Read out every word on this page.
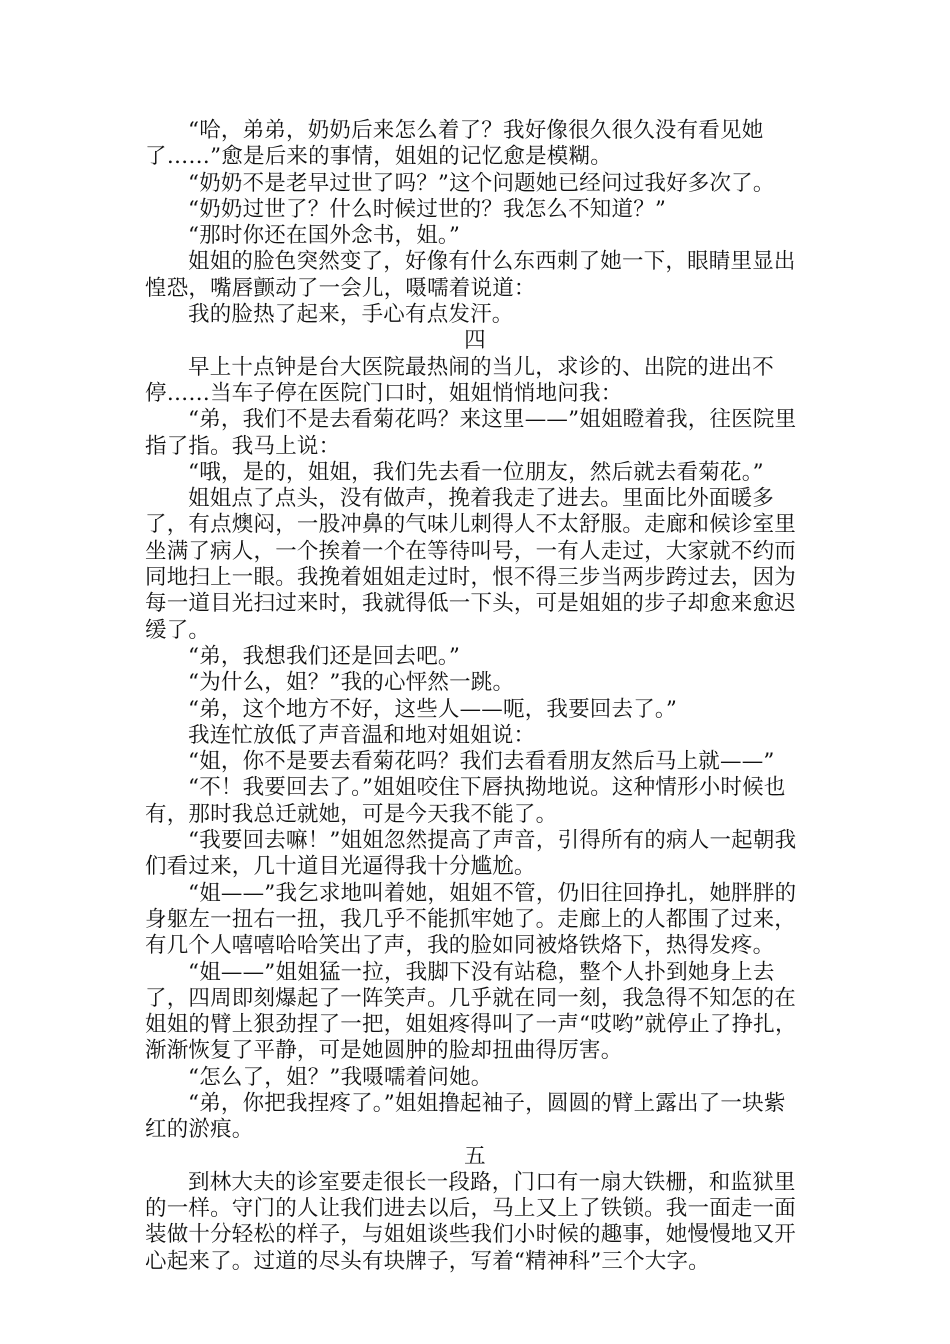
“哈，弟弟，奶奶后来怎么着了？我好像很久很久没有看见她了……”愈是后来的事情，姐姐的记忆愈是模糊。

“奶奶不是老早过世了吗？”这个问题她已经问过我好多次了。

“奶奶过世了？什么时候过世的？我怎么不知道？”

“那时你还在国外念书，姐。”

姐姐的脸色突然变了，好像有什么东西刺了她一下，眼睛里显出惶恐，嘴唇颤动了一会儿，嗫嚅着说道：

我的脸热了起来，手心有点发汗。

四

早上十点钟是台大医院最热闹的当儿，求诊的、出院的进出不停……当车子停在医院门口时，姐姐悄悄地问我：

“弟，我们不是去看菊花吗？来这里——”姐姐瞪着我，往医院里指了指。我马上说：

“哦，是的，姐姐，我们先去看一位朋友，然后就去看菊花。”

姐姐点了点头，没有做声，挽着我走了进去。里面比外面暖多了，有点燠闷，一股冲鼻的气味儿刺得人不太舒服。走廊和候诊室里坐满了病人，一个挨着一个在等待叫号，一有人走过，大家就不约而同地扫上一眼。我挽着姐姐走过时，恨不得三步当两步跨过去，因为每一道目光扫过来时，我就得低一下头，可是姐姐的步子却愈来愈迟缓了。

“弟，我想我们还是回去吧。”

“为什么，姐？”我的心怦然一跳。

“弟，这个地方不好，这些人——呃，我要回去了。”

我连忙放低了声音温和地对姐姐说：

“姐，你不是要去看菊花吗？我们去看看朋友然后马上就——”

“不！我要回去了。”姐姐咬住下唇执拗地说。这种情形小时候也有，那时我总迁就她，可是今天我不能了。

“我要回去嘛！”姐姐忽然提高了声音，引得所有的病人一起朝我们看过来，几十道目光逼得我十分尴尬。

“姐——”我乞求地叫着她，姐姐不管，仍旧往回挣扎，她胖胖的身躯左一扭右一扭，我几乎不能抓牢她了。走廊上的人都围了过来，有几个人嘻嘻哈哈笑出了声，我的脸如同被烙铁烙下，热得发疼。

“姐——”姐姐猛一拉，我脚下没有站稳，整个人扑到她身上去了，四周即刻爆起了一阵笑声。几乎就在同一刻，我急得不知怎的在姐姐的臂上狠劲捏了一把，姐姐疼得叫了一声“哎哟”就停止了挣扎，渐渐恢复了平静，可是她圆肿的脸却扭曲得厉害。

“怎么了，姐？”我嗫嚅着问她。

“弟，你把我捏疼了。”姐姐撸起袖子，圆圆的臂上露出了一块紫红的淤痕。

五

到林大夫的诊室要走很长一段路，门口有一扇大铁栅，和监狱里的一样。守门的人让我们进去以后，马上又上了铁锁。我一面走一面装做十分轻松的样子，与姐姐谈些我们小时候的趣事，她慢慢地又开心起来了。过道的尽头有块牌子，写着“精神科”三个大字。
